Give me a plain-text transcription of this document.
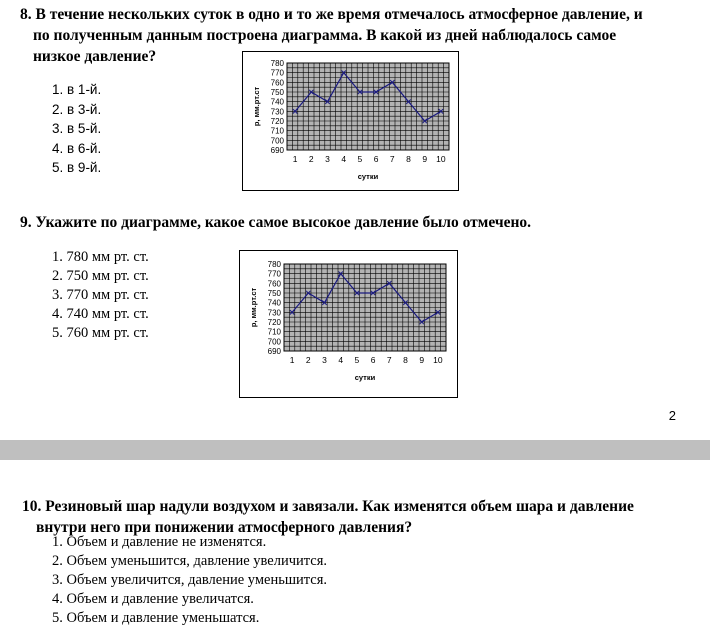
8. В течение нескольких суток в одно и то же время отмечалось атмосферное давление, и
по полученным данным построена диаграмма. В какой из дней наблюдалось самое
низкое давление?
1. в 1-й.
2. в 3-й.
3. в 5-й.
4. в 6-й.
5. в 9-й.
780
770
760
750
740
730
720
710
700
690
1 2 3 4 5 6 7 8 9 10
сутки
р, мм.рт.ст
9. Укажите по диаграмме, какое самое высокое давление было отмечено.
1. 780 мм рт. ст.
2. 750 мм рт. ст.
3. 770 мм рт. ст.
4. 740 мм рт. ст.
5. 760 мм рт. ст.
780
770
760
750
740
730
720
710
700
690
1 2 3 4 5 6 7 8 9 10
сутки
р, мм.рт.ст
2
10. Резиновый шар надули воздухом и завязали. Как изменятся объем шара и давление
внутри него при понижении атмосферного давления?
1. Объем и давление не изменятся.
2. Объем уменьшится, давление увеличится.
3. Объем увеличится, давление уменьшится.
4. Объем и давление увеличатся.
5. Объем и давление уменьшатся.
